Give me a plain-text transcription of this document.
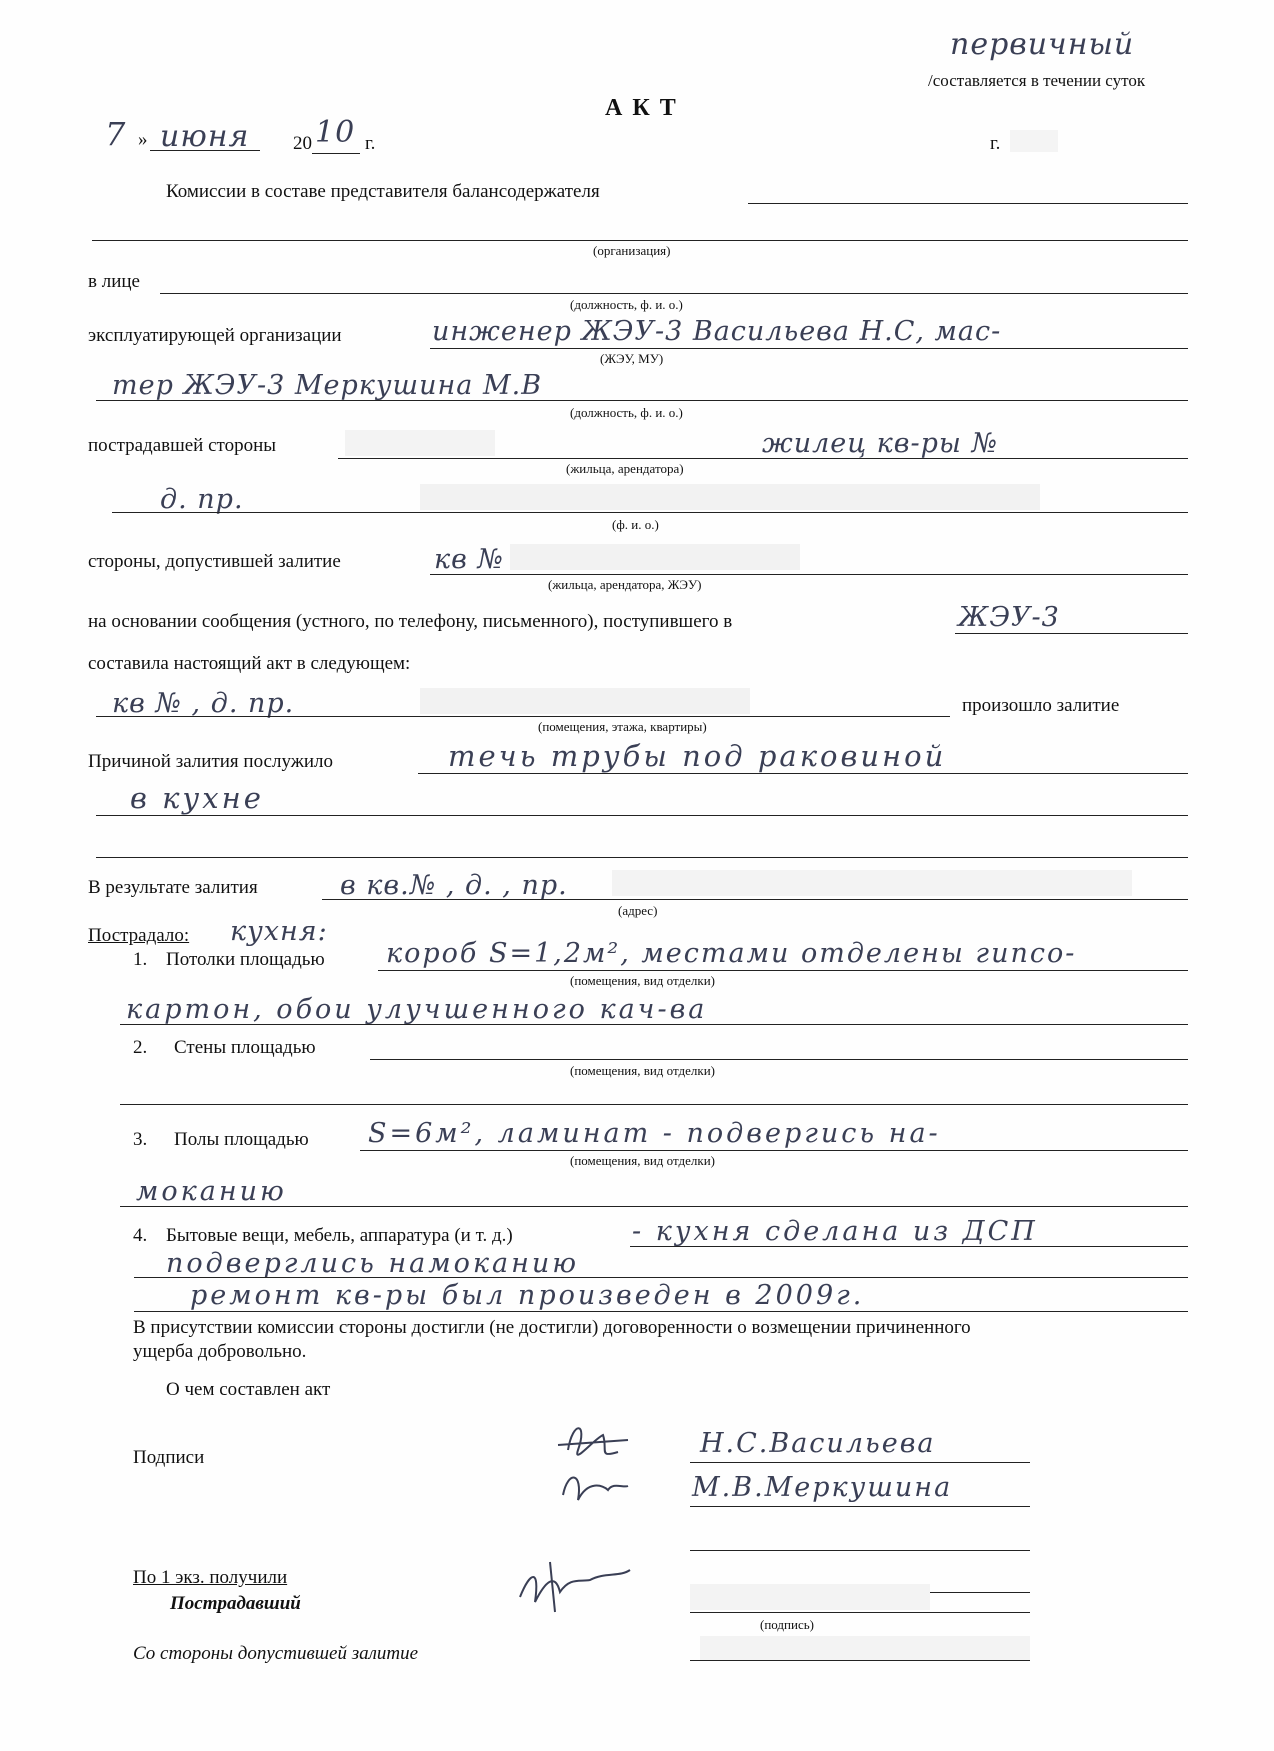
первичный
/составляется в течении суток
А К Т
7 » июня 20 10 г.	г.
Комиссии в составе представителя балансодержателя
(организация)
в лице
(должность, ф. и. о.)
эксплуатирующей организации	инженер ЖЭУ-3 Васильева Н.С, мас-
(ЖЭУ, МУ)
тер ЖЭУ-3 Меркушина М.В
(должность, ф. и. о.)
пострадавшей стороны	жилец кв-ры №
(жильца, арендатора)
д. пр.
(ф. и. о.)
стороны, допустившей залитие	кв №
(жильца, арендатора, ЖЭУ)
на основании сообщения (устного, по телефону, письменного), поступившего в	ЖЭУ-3
составила настоящий акт в следующем:
кв № , д. пр.
(помещения, этажа, квартиры)
произошло залитие
Причиной залития послужило	течь трубы под раковиной
в кухне
В результате залития	в кв.№ , д. , пр.
(адрес)
Пострадало: кухня:
1. Потолки площадью короб S=1,2м², местами отделены гипсо-
(помещения, вид отделки)
картон, обои улучшенного кач-ва
2. Стены площадью
(помещения, вид отделки)
3. Полы площадью S=6м², ламинат - подвергись на-
(помещения, вид отделки)
моканию
4. Бытовые вещи, мебель, аппаратура (и т. д.)	- кухня сделана из ДСП
подверглись намоканию
ремонт кв-ры был произведен в 2009г.
В присутствии комиссии стороны достигли (не достигли) договоренности о возмещении причиненного
ущерба добровольно.
О чем составлен акт
Подписи	Н.С.Васильева
М.В.Меркушина
По 1 экз. получили
Пострадавший
(подпись)
Со стороны допустившей залитие
